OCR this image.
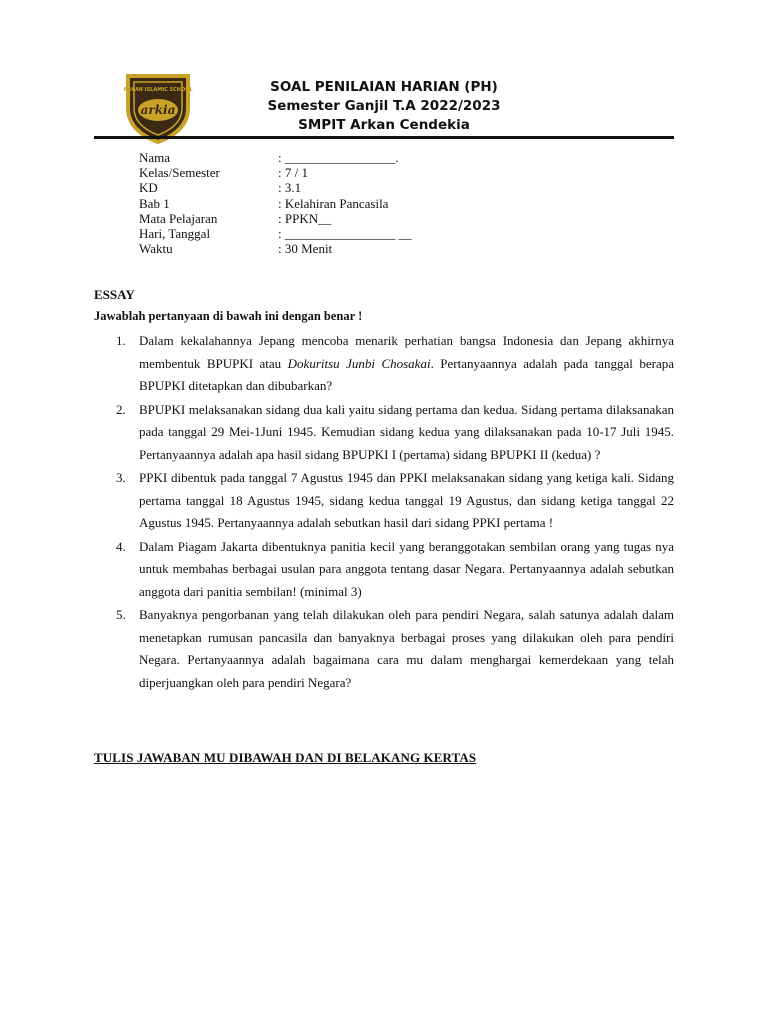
ARKAN ISLAMIC SCHOOL
arkia
SOAL PENILAIAN HARIAN (PH)
Semester Ganjil T.A 2022/2023
SMPIT Arkan Cendekia
Nama	: _________________.
Kelas/Semester	: 7 / 1
KD	: 3.1
Bab 1	: Kelahiran Pancasila
Mata Pelajaran	: PPKN__
Hari, Tanggal	: _________________ __
Waktu	: 30 Menit
ESSAY
Jawablah pertanyaan di bawah ini dengan benar !
1. Dalam kekalahannya Jepang mencoba menarik perhatian bangsa Indonesia dan Jepang akhirnya membentuk BPUPKI atau Dokuritsu Junbi Chosakai. Pertanyaannya adalah pada tanggal berapa BPUPKI ditetapkan dan dibubarkan?
2. BPUPKI melaksanakan sidang dua kali yaitu sidang pertama dan kedua. Sidang pertama dilaksanakan pada tanggal 29 Mei-1Juni 1945. Kemudian sidang kedua yang dilaksanakan pada 10-17 Juli 1945. Pertanyaannya adalah apa hasil sidang BPUPKI I (pertama) sidang BPUPKI II (kedua) ?
3. PPKI dibentuk pada tanggal 7 Agustus 1945 dan PPKI melaksanakan sidang yang ketiga kali. Sidang pertama tanggal 18 Agustus 1945, sidang kedua tanggal 19 Agustus, dan sidang ketiga tanggal 22 Agustus 1945. Pertanyaannya adalah sebutkan hasil dari sidang PPKI pertama !
4. Dalam Piagam Jakarta dibentuknya panitia kecil yang beranggotakan sembilan orang yang tugas nya untuk membahas berbagai usulan para anggota tentang dasar Negara. Pertanyaannya adalah sebutkan anggota dari panitia sembilan! (minimal 3)
5. Banyaknya pengorbanan yang telah dilakukan oleh para pendiri Negara, salah satunya adalah dalam menetapkan rumusan pancasila dan banyaknya berbagai proses yang dilakukan oleh para pendiri Negara. Pertanyaannya adalah bagaimana cara mu dalam menghargai kemerdekaan yang telah diperjuangkan oleh para pendiri Negara?
TULIS JAWABAN MU DIBAWAH DAN DI BELAKANG KERTAS
